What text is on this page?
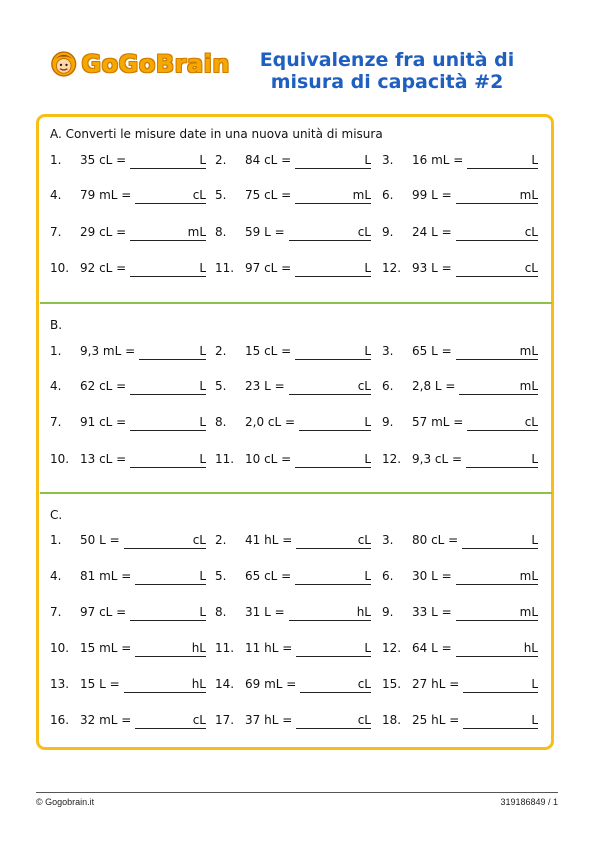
GoGoBrain	Equivalenze fra unità di
misura di capacità #2
A. Converti le misure date in una nuova unità di misura
B.
C.
1. 35 cL =	L 2. 84 cL =	L 3. 16 mL =	L
4. 79 mL =	cL 5. 75 cL =	mL 6. 99 L =	mL
7. 29 cL =	mL 8. 59 L =	cL 9. 24 L =	cL
10. 92 cL =	L 11. 97 cL =	L 12. 93 L =	cL
1. 9,3 mL =	L 2. 15 cL =	L 3. 65 L =	mL
4. 62 cL =	L 5. 23 L =	cL 6. 2,8 L =	mL
7. 91 cL =	L 8. 2,0 cL =	L 9. 57 mL =	cL
10. 13 cL =	L 11. 10 cL =	L 12. 9,3 cL =	L
1. 50 L =	cL 2. 41 hL =	cL 3. 80 cL =	L
4. 81 mL =	L 5. 65 cL =	L 6. 30 L =	mL
7. 97 cL =	L 8. 31 L =	hL 9. 33 L =	mL
10. 15 mL =	hL 11. 11 hL =	L 12. 64 L =	hL
13. 15 L =	hL 14. 69 mL =	cL 15. 27 hL =	L
16. 32 mL =	cL 17. 37 hL =	cL 18. 25 hL =	L
© Gogobrain.it	319186849 / 1
